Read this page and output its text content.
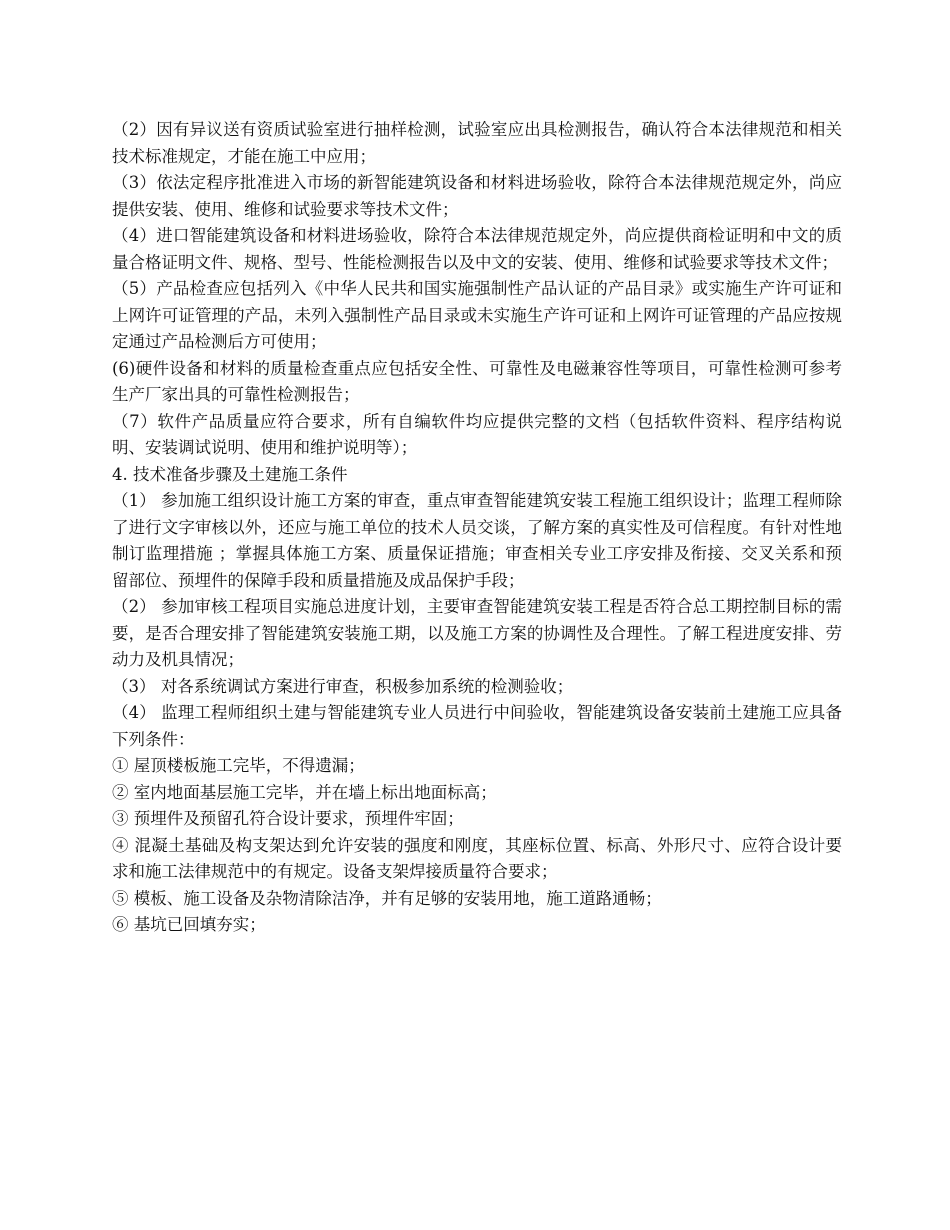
（2）因有异议送有资质试验室进行抽样检测，试验室应出具检测报告，确认符合本法律规范和相关技术标准规定，才能在施工中应用；

（3）依法定程序批准进入市场的新智能建筑设备和材料进场验收，除符合本法律规范规定外，尚应提供安装、使用、维修和试验要求等技术文件；

（4）进口智能建筑设备和材料进场验收，除符合本法律规范规定外，尚应提供商检证明和中文的质量合格证明文件、规格、型号、性能检测报告以及中文的安装、使用、维修和试验要求等技术文件；

（5）产品检查应包括列入《中华人民共和国实施强制性产品认证的产品目录》或实施生产许可证和上网许可证管理的产品，未列入强制性产品目录或未实施生产许可证和上网许可证管理的产品应按规定通过产品检测后方可使用；

(6)硬件设备和材料的质量检查重点应包括安全性、可靠性及电磁兼容性等项目，可靠性检测可参考生产厂家出具的可靠性检测报告；

（7）软件产品质量应符合要求，所有自编软件均应提供完整的文档（包括软件资料、程序结构说明、安装调试说明、使用和维护说明等）；

4. 技术准备步骤及土建施工条件

（1） 参加施工组织设计施工方案的审查，重点审查智能建筑安装工程施工组织设计；监理工程师除了进行文字审核以外，还应与施工单位的技术人员交谈，了解方案的真实性及可信程度。有针对性地制订监理措施 ；掌握具体施工方案、质量保证措施；审查相关专业工序安排及衔接、交叉关系和预留部位、预埋件的保障手段和质量措施及成品保护手段；

（2） 参加审核工程项目实施总进度计划，主要审查智能建筑安装工程是否符合总工期控制目标的需要，是否合理安排了智能建筑安装施工期，以及施工方案的协调性及合理性。了解工程进度安排、劳动力及机具情况；

（3） 对各系统调试方案进行审查，积极参加系统的检测验收；

（4） 监理工程师组织土建与智能建筑专业人员进行中间验收，智能建筑设备安装前土建施工应具备下列条件：

① 屋顶楼板施工完毕，不得遗漏；

② 室内地面基层施工完毕，并在墙上标出地面标高；

③ 预埋件及预留孔符合设计要求，预埋件牢固；

④ 混凝土基础及构支架达到允许安装的强度和刚度，其座标位置、标高、外形尺寸、应符合设计要求和施工法律规范中的有规定。设备支架焊接质量符合要求；

⑤ 模板、施工设备及杂物清除洁净，并有足够的安装用地，施工道路通畅；

⑥ 基坑已回填夯实；
